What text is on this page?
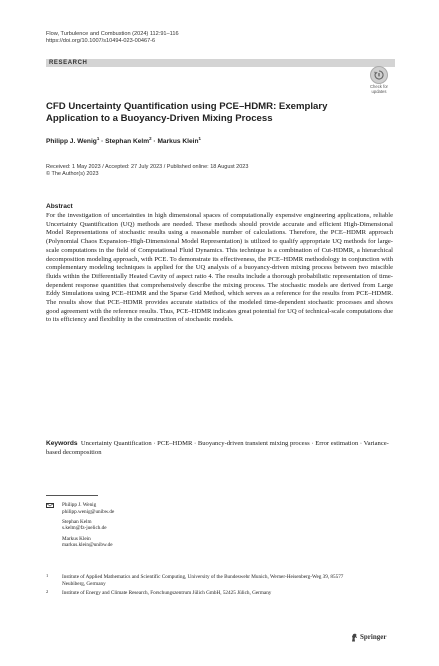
Flow, Turbulence and Combustion (2024) 112:91–116
https://doi.org/10.1007/s10494-023-00467-6
RESEARCH
Check for
updates
CFD Uncertainty Quantification using PCE–HDMR: Exemplary Application to a Buoyancy-Driven Mixing Process
Philipp J. Wenig$^1$ · Stephan Kelm$^2$ · Markus Klein$^1$
Received: 1 May 2023 / Accepted: 27 July 2023 / Published online: 18 August 2023
© The Author(s) 2023
Abstract

For the investigation of uncertainties in high dimensional spaces of computationally expensive engineering applications, reliable Uncertainty Quantification (UQ) methods are needed. These methods should provide accurate and efficient High-Dimensional Model Representations of stochastic results using a reasonable number of calculations. Therefore, the PCE–HDMR approach (Polynomial Chaos Expansion–High-Dimensional Model Representation) is utilized to qualify appropriate UQ methods for large-scale computations in the field of Computational Fluid Dynamics. This technique is a combination of Cut-HDMR, a hierarchical decomposition modeling approach, with PCE. To demonstrate its effectiveness, the PCE–HDMR methodology in conjunction with complementary modeling techniques is applied for the UQ analysis of a buoyancy-driven mixing process between two miscible fluids within the Differentially Heated Cavity of aspect ratio 4. The results include a thorough probabilistic representation of time-dependent response quantities that comprehensively describe the mixing process. The stochastic models are derived from Large Eddy Simulations using PCE–HDMR and the Sparse Grid Method, which serves as a reference for the results from PCE–HDMR. The results show that PCE–HDMR provides accurate statistics of the modeled time-dependent stochastic processes and shows good agreement with the reference results. Thus, PCE–HDMR indicates great potential for UQ of technical-scale computations due to its efficiency and flexibility in the construction of stochastic models.

Keywords Uncertainty Quantification · PCE–HDMR · Buoyancy-driven transient mixing process · Error estimation · Variance-based decomposition

Philipp J. Wenig
philipp.wenig@unibw.de
Stephan Kelm
s.kelm@fz-juelich.de
Markus Klein
markus.klein@unibw.de
1	Institute of Applied Mathematics and Scientific Computing, University of the Bundeswehr Munich, Werner-Heisenberg-Weg 39, 85577 Neubiberg, Germany
2	Institute of Energy and Climate Research, Forschungszentrum Jülich GmbH, 52425 Jülich, Germany
Springer
